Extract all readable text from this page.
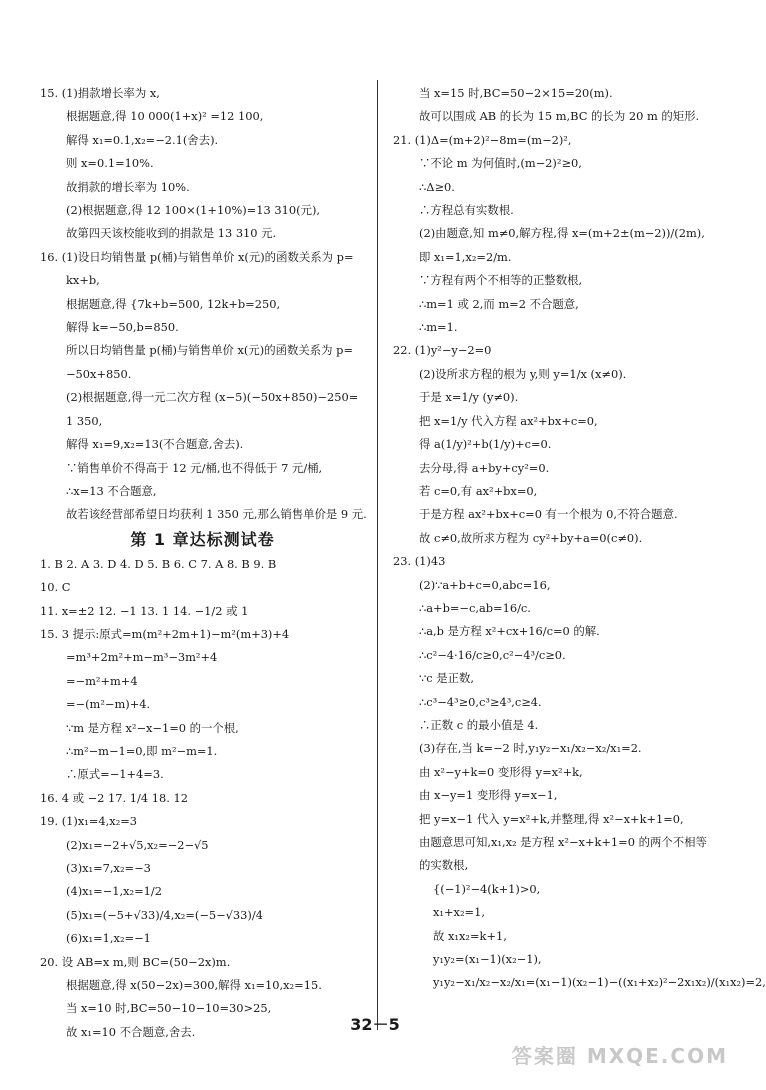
15. (1)捐款增长率为 x,
根据题意,得 10 000(1+x)² =12 100,
解得 x₁=0.1,x₂=−2.1(舍去).
则 x=0.1=10%.
故捐款的增长率为 10%.
(2)根据题意,得 12 100×(1+10%)=13 310(元),
故第四天该校能收到的捐款是 13 310 元.
16. (1)设日均销售量 p(桶)与销售单价 x(元)的函数关系为 p=
kx+b,
根据题意,得 {7k+b=500, 12k+b=250,
解得 k=−50,b=850.
所以日均销售量 p(桶)与销售单价 x(元)的函数关系为 p=
−50x+850.
(2)根据题意,得一元二次方程 (x−5)(−50x+850)−250=
1 350,
解得 x₁=9,x₂=13(不合题意,舍去).
∵销售单价不得高于 12 元/桶,也不得低于 7 元/桶,
∴x=13 不合题意,
故若该经营部希望日均获利 1 350 元,那么销售单价是 9 元.
第 1 章达标测试卷
1. B 2. A 3. D 4. D 5. B 6. C 7. A 8. B 9. B
10. C
11. x=±2 12. −1 13. 1 14. −1/2 或 1
15. 3 提示:原式=m(m²+2m+1)−m²(m+3)+4
=m³+2m²+m−m³−3m²+4
=−m²+m+4
=−(m²−m)+4.
∵m 是方程 x²−x−1=0 的一个根,
∴m²−m−1=0,即 m²−m=1.
∴原式=−1+4=3.
16. 4 或 −2 17. 1/4 18. 12
19. (1)x₁=4,x₂=3
(2)x₁=−2+√5,x₂=−2−√5
(3)x₁=7,x₂=−3
(4)x₁=−1,x₂=1/2
(5)x₁=(−5+√33)/4,x₂=(−5−√33)/4
(6)x₁=1,x₂=−1
20. 设 AB=x m,则 BC=(50−2x)m.
根据题意,得 x(50−2x)=300,解得 x₁=10,x₂=15.
当 x=10 时,BC=50−10−10=30>25,
故 x₁=10 不合题意,舍去.
当 x=15 时,BC=50−2×15=20(m).
故可以围成 AB 的长为 15 m,BC 的长为 20 m 的矩形.
21. (1)Δ=(m+2)²−8m=(m−2)²,
∵不论 m 为何值时,(m−2)²≥0,
∴Δ≥0.
∴方程总有实数根.
(2)由题意,知 m≠0,解方程,得 x=(m+2±(m−2))/(2m),
即 x₁=1,x₂=2/m.
∵方程有两个不相等的正整数根,
∴m=1 或 2,而 m=2 不合题意,
∴m=1.
22. (1)y²−y−2=0
(2)设所求方程的根为 y,则 y=1/x (x≠0).
于是 x=1/y (y≠0).
把 x=1/y 代入方程 ax²+bx+c=0,
得 a(1/y)²+b(1/y)+c=0.
去分母,得 a+by+cy²=0.
若 c=0,有 ax²+bx=0,
于是方程 ax²+bx+c=0 有一个根为 0,不符合题意.
故 c≠0,故所求方程为 cy²+by+a=0(c≠0).
23. (1)43
(2)∵a+b+c=0,abc=16,
∴a+b=−c,ab=16/c.
∴a,b 是方程 x²+cx+16/c=0 的解.
∴c²−4·16/c≥0,c²−4³/c≥0.
∵c 是正数,
∴c³−4³≥0,c³≥4³,c≥4.
∴正数 c 的最小值是 4.
(3)存在,当 k=−2 时,y₁y₂−x₁/x₂−x₂/x₁=2.
由 x²−y+k=0 变形得 y=x²+k,
由 x−y=1 变形得 y=x−1,
把 y=x−1 代入 y=x²+k,并整理,得 x²−x+k+1=0,
由题意思可知,x₁,x₂ 是方程 x²−x+k+1=0 的两个不相等
的实数根,
{(−1)²−4(k+1)>0,
x₁+x₂=1,
故 x₁x₂=k+1,
y₁y₂=(x₁−1)(x₂−1),
y₁y₂−x₁/x₂−x₂/x₁=(x₁−1)(x₂−1)−((x₁+x₂)²−2x₁x₂)/(x₁x₂)=2,
32－5
答案圈 MXQE.COM
